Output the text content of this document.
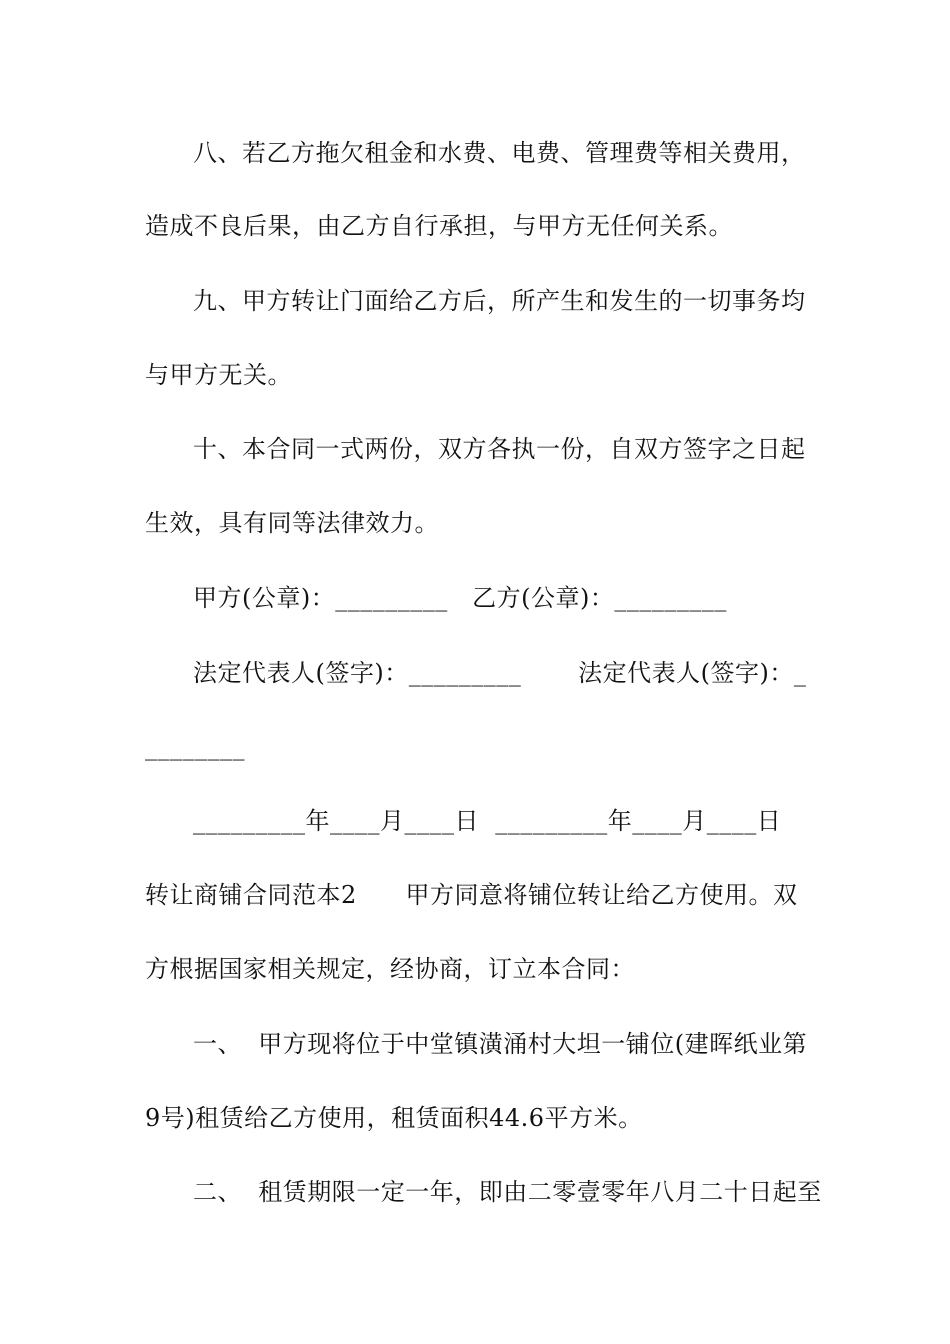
八、若乙方拖欠租金和水费、电费、管理费等相关费用，
造成不良后果，由乙方自行承担，与甲方无任何关系。
九、甲方转让门面给乙方后，所产生和发生的一切事务均
与甲方无关。
十、本合同一式两份，双方各执一份，自双方签字之日起
生效，具有同等法律效力。
甲方(公章)：_________   乙方(公章)：_________
法定代表人(签字)：_________       法定代表人(签字)：_
________
_________年____月____日  _________年____月____日
转让商铺合同范本2      甲方同意将铺位转让给乙方使用。双
方根据国家相关规定，经协商，订立本合同：
一、  甲方现将位于中堂镇潢涌村大坦一铺位(建晖纸业第
9号)租赁给乙方使用，租赁面积44.6平方米。
二、  租赁期限一定一年，即由二零壹零年八月二十日起至
